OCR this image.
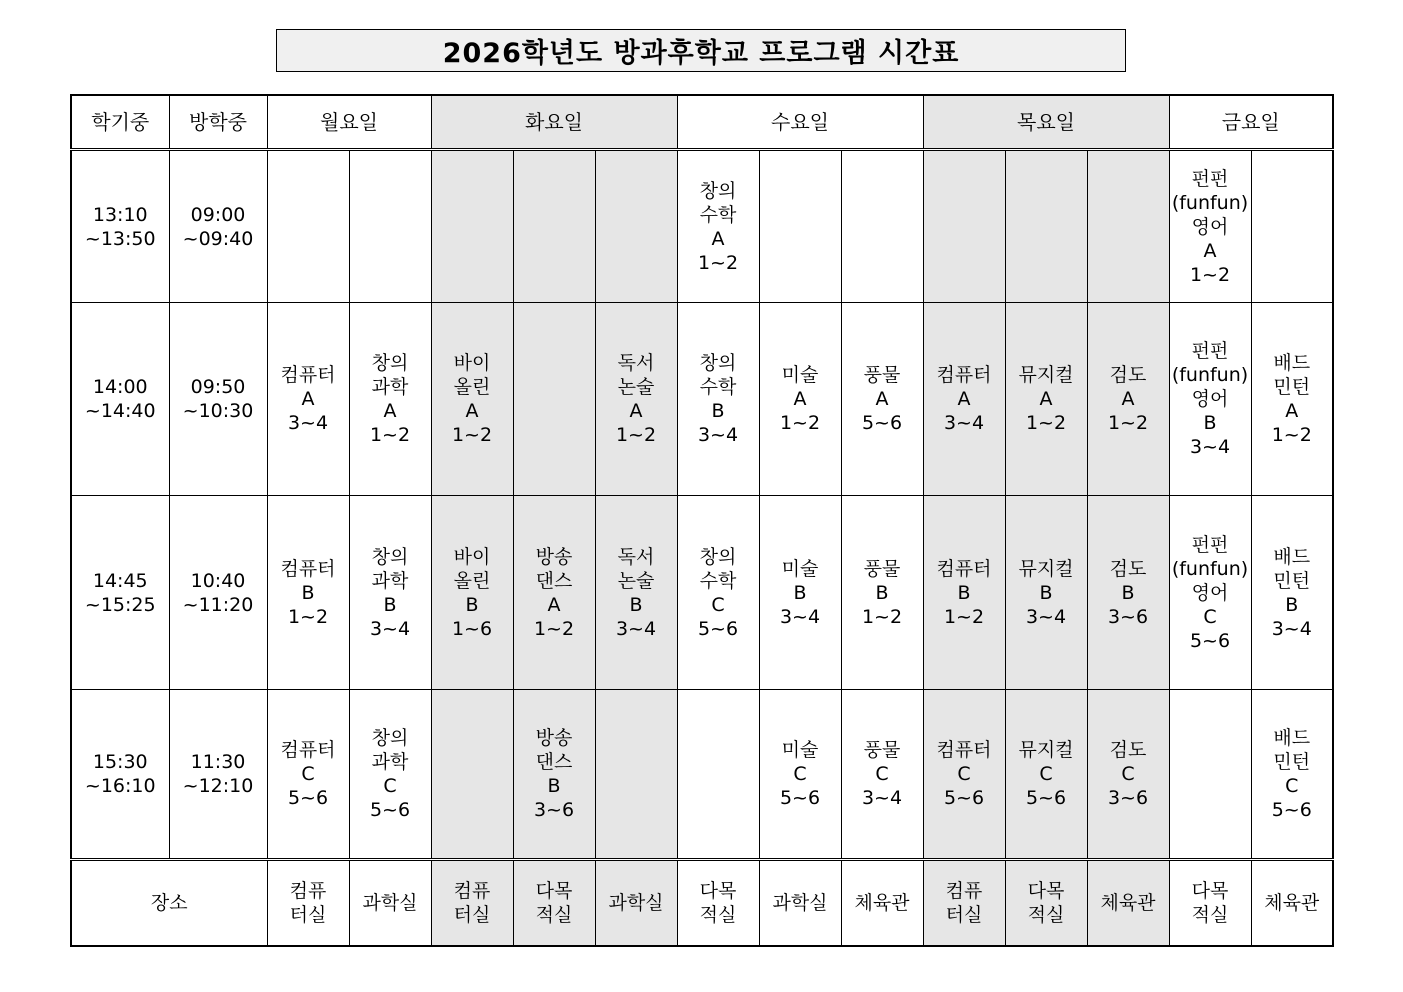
2026학년도 방과후학교 프로그램 시간표
학기중	방학중	월요일		화요일			수요일			목요일			금요일	
13:10
~13:50	09:00
~09:40						창의
수학
A
1~2						펀펀
(funfun)
영어
A
1~2	
14:00
~14:40	09:50
~10:30	컴퓨터
A
3~4	창의
과학
A
1~2	바이
올린
A
1~2		독서
논술
A
1~2	창의
수학
B
3~4	미술
A
1~2	풍물
A
5~6	컴퓨터
A
3~4	뮤지컬
A
1~2	검도
A
1~2	펀펀
(funfun)
영어
B
3~4	배드
민턴
A
1~2
14:45
~15:25	10:40
~11:20	컴퓨터
B
1~2	창의
과학
B
3~4	바이
올린
B
1~6	방송
댄스
A
1~2	독서
논술
B
3~4	창의
수학
C
5~6	미술
B
3~4	풍물
B
1~2	컴퓨터
B
1~2	뮤지컬
B
3~4	검도
B
3~6	펀펀
(funfun)
영어
C
5~6	배드
민턴
B
3~4
15:30
~16:10	11:30
~12:10	컴퓨터
C
5~6	창의
과학
C
5~6		방송
댄스
B
3~6			미술
C
5~6	풍물
C
3~4	컴퓨터
C
5~6	뮤지컬
C
5~6	검도
C
3~6		배드
민턴
C
5~6
장소		컴퓨
터실	과학실	컴퓨
터실	다목
적실	과학실	다목
적실	과학실	체육관	컴퓨
터실	다목
적실	체육관	다목
적실	체육관
